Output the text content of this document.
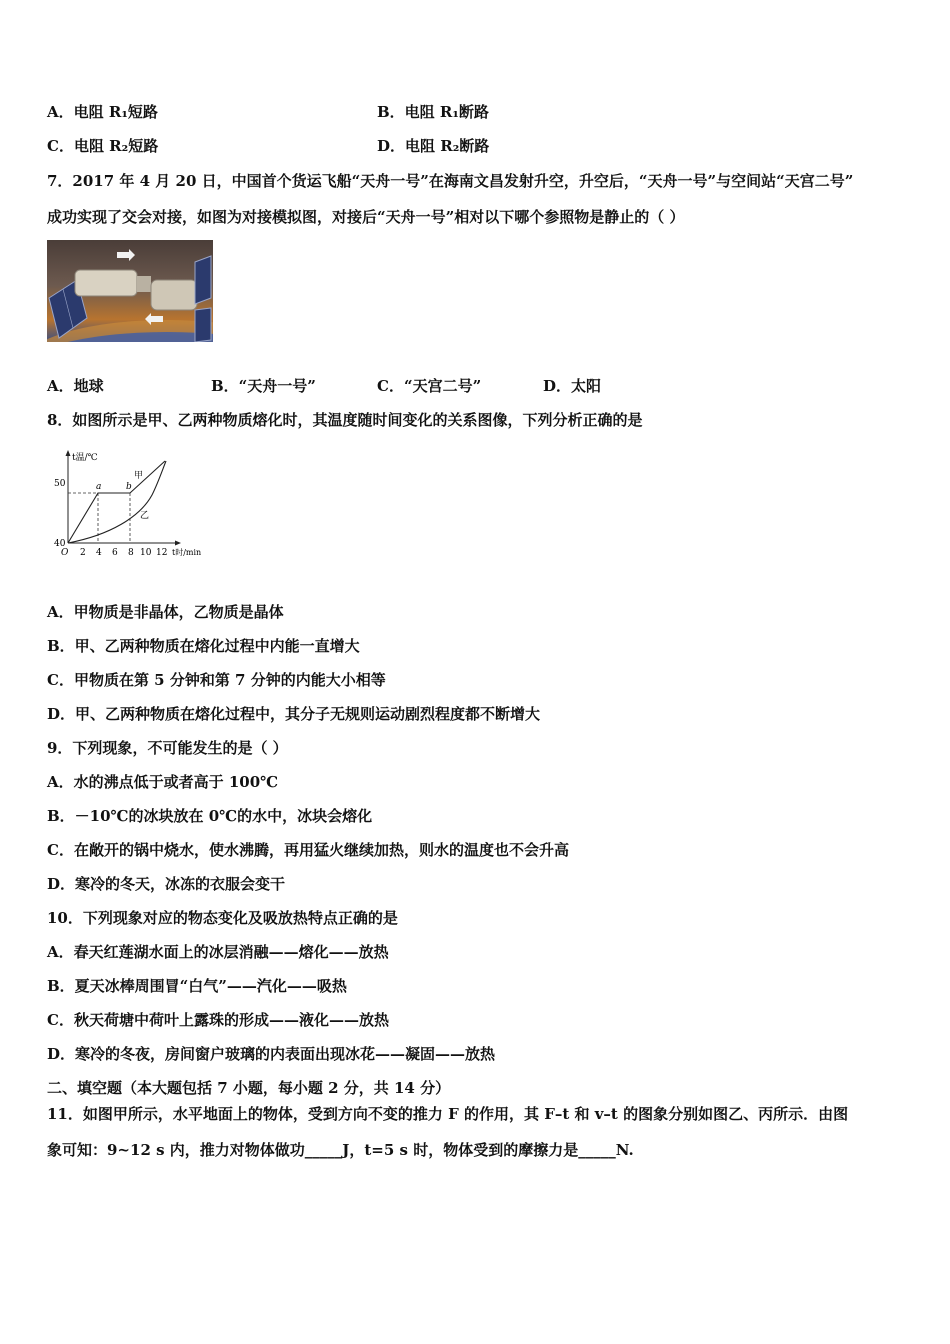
A．电阻 R₁短路	B．电阻 R₁断路
C．电阻 R₂短路	D．电阻 R₂断路
7．2017 年 4 月 20 日，中国首个货运飞船“天舟一号”在海南文昌发射升空，升空后，“天舟一号”与空间站“天宫二号”
成功实现了交会对接，如图为对接模拟图，对接后“天舟一号”相对以下哪个参照物是静止的（ ）
A．地球	B．“天舟一号”	C．“天宫二号”	D．太阳
8．如图所示是甲、乙两种物质熔化时，其温度随时间变化的关系图像，下列分析正确的是
t温/℃
t时/min
O
50
40
2 4 6 8 10 12
a	b
甲
乙
A．甲物质是非晶体，乙物质是晶体
B．甲、乙两种物质在熔化过程中内能一直增大
C．甲物质在第 5 分钟和第 7 分钟的内能大小相等
D．甲、乙两种物质在熔化过程中，其分子无规则运动剧烈程度都不断增大
9．下列现象，不可能发生的是（ ）
A．水的沸点低于或者高于 100℃
B．－10℃的冰块放在 0℃的水中，冰块会熔化
C．在敞开的锅中烧水，使水沸腾，再用猛火继续加热，则水的温度也不会升高
D．寒冷的冬天，冰冻的衣服会变干
10．下列现象对应的物态变化及吸放热特点正确的是
A．春天红莲湖水面上的冰层消融——熔化——放热
B．夏天冰棒周围冒“白气”——汽化——吸热
C．秋天荷塘中荷叶上露珠的形成——液化——放热
D．寒冷的冬夜，房间窗户玻璃的内表面出现冰花——凝固——放热
二、填空题（本大题包括 7 小题，每小题 2 分，共 14 分）
11．如图甲所示，水平地面上的物体，受到方向不变的推力 F 的作用，其 F–t 和 v–t 的图象分别如图乙、丙所示．由图
象可知：9~12 s 内，推力对物体做功_____J，t=5 s 时，物体受到的摩擦力是_____N.
